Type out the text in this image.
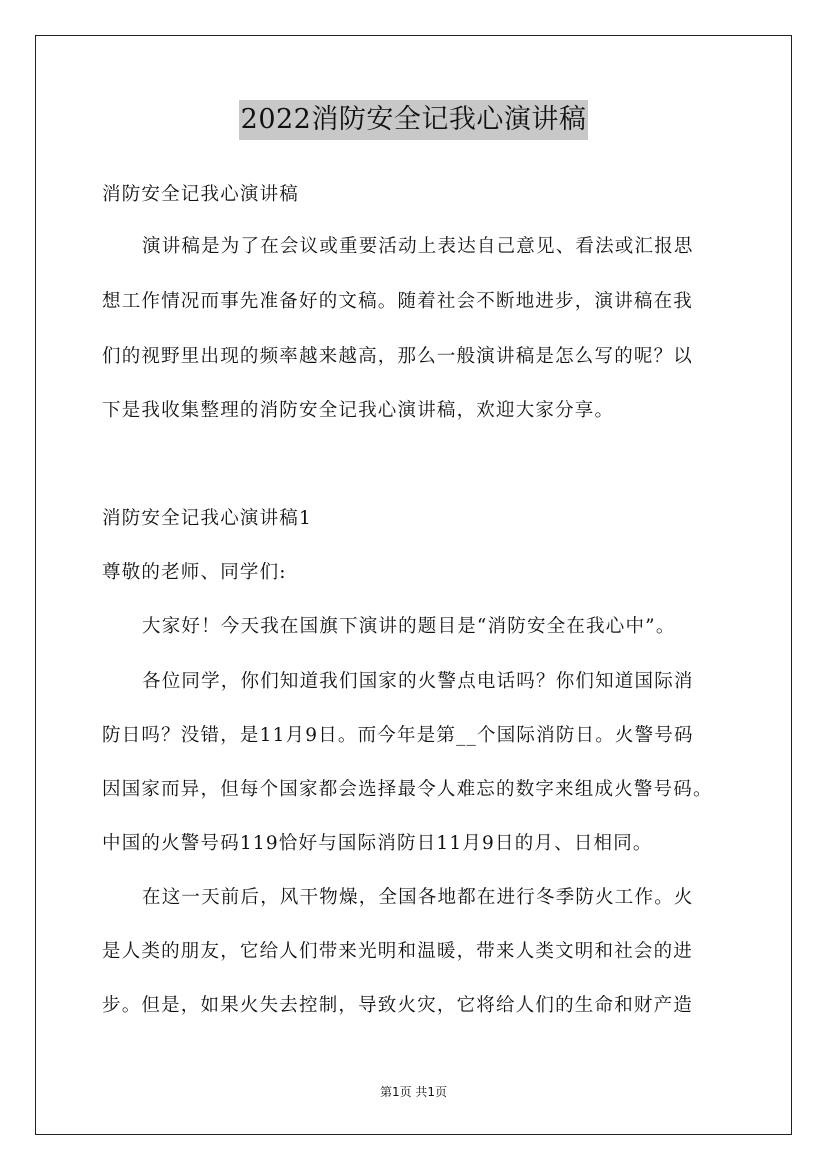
2022消防安全记我心演讲稿
消防安全记我心演讲稿
演讲稿是为了在会议或重要活动上表达自己意见、看法或汇报思
想工作情况而事先准备好的文稿。随着社会不断地进步，演讲稿在我
们的视野里出现的频率越来越高，那么一般演讲稿是怎么写的呢？以
下是我收集整理的消防安全记我心演讲稿，欢迎大家分享。
消防安全记我心演讲稿1
尊敬的老师、同学们:
大家好！今天我在国旗下演讲的题目是“消防安全在我心中”。
各位同学，你们知道我们国家的火警点电话吗？你们知道国际消
防日吗？没错，是11月9日。而今年是第__个国际消防日。火警号码
因国家而异，但每个国家都会选择最令人难忘的数字来组成火警号码。
中国的火警号码119恰好与国际消防日11月9日的月、日相同。
在这一天前后，风干物燥，全国各地都在进行冬季防火工作。火
是人类的朋友，它给人们带来光明和温暖，带来人类文明和社会的进
步。但是，如果火失去控制，导致火灾，它将给人们的生命和财产造
第1页 共1页
